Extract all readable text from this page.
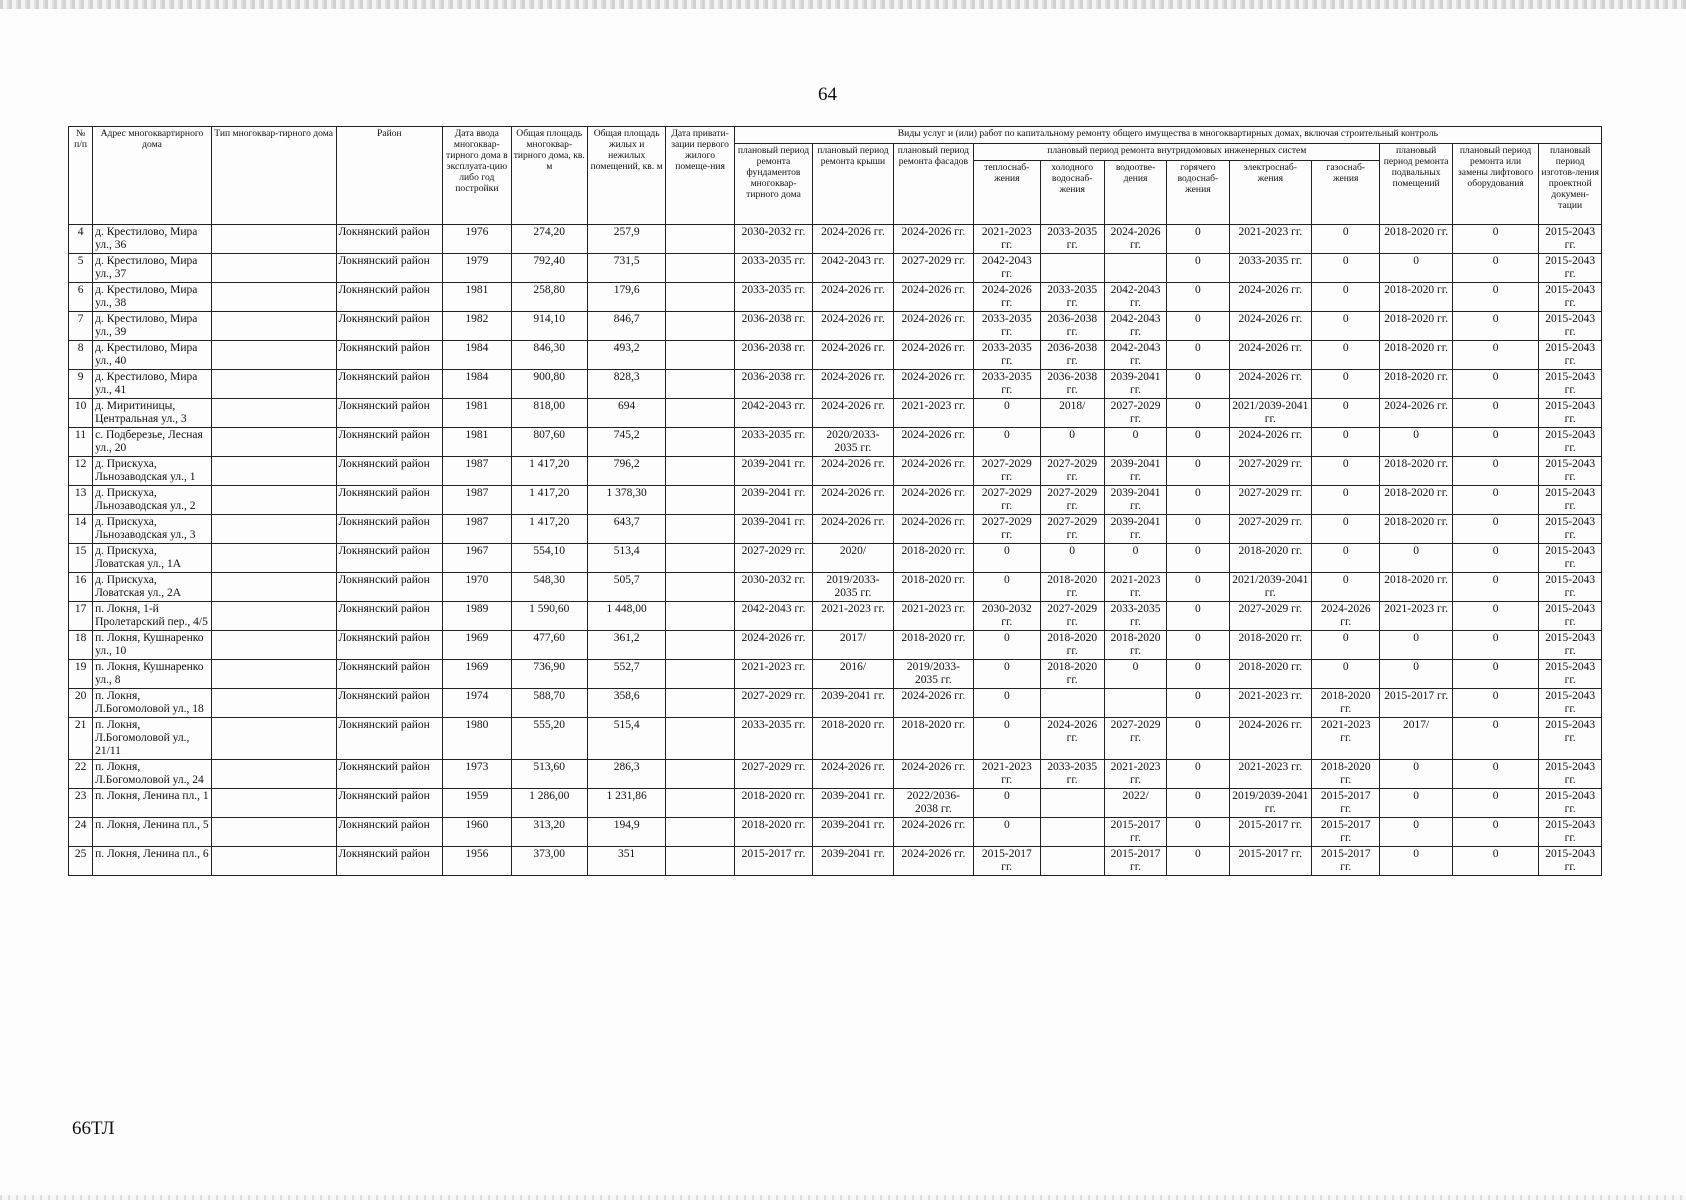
64
№ п/п	Адрес многоквартирного дома	Тип многоквар-тирного дома	Район	Дата ввода многоквар-тирного дома в эксплуата-цию либо год постройки	Общая площадь многоквар-тирного дома, кв. м	Общая площадь жилых и нежилых помещений, кв. м	Дата привати-зации первого жилого помеще-ния	Виды услуг и (или) работ по капитальному ремонту общего имущества в многоквартирных домах, включая строительный контроль											
								плановый период ремонта фундаментов многоквар-тирного дома	плановый период ремонта крыши	плановый период ремонта фасадов	плановый период ремонта внутридомовых инженерных систем						плановый период ремонта подвальных помещений	плановый период ремонта или замены лифтового оборудования	плановый период изготов-ления проектной докумен-тации
											теплоснаб-жения	холодного водоснаб-жения	водоотве-дения	горячего водоснаб-жения	электроснаб-жения	газоснаб-жения			
4	д. Крестилово, Мира ул., 36		Локнянский район	1976	274,20	257,9		2030-2032 гг.	2024-2026 гг.	2024-2026 гг.	2021-2023 гг.	2033-2035 гг.	2024-2026 гг.	0	2021-2023 гг.	0	2018-2020 гг.	0	2015-2043 гг.
5	д. Крестилово, Мира ул., 37		Локнянский район	1979	792,40	731,5		2033-2035 гг.	2042-2043 гг.	2027-2029 гг.	2042-2043 гг.			0	2033-2035 гг.	0	0	0	2015-2043 гг.
6	д. Крестилово, Мира ул., 38		Локнянский район	1981	258,80	179,6		2033-2035 гг.	2024-2026 гг.	2024-2026 гг.	2024-2026 гг.	2033-2035 гг.	2042-2043 гг.	0	2024-2026 гг.	0	2018-2020 гг.	0	2015-2043 гг.
7	д. Крестилово, Мира ул., 39		Локнянский район	1982	914,10	846,7		2036-2038 гг.	2024-2026 гг.	2024-2026 гг.	2033-2035 гг.	2036-2038 гг.	2042-2043 гг.	0	2024-2026 гг.	0	2018-2020 гг.	0	2015-2043 гг.
8	д. Крестилово, Мира ул., 40		Локнянский район	1984	846,30	493,2		2036-2038 гг.	2024-2026 гг.	2024-2026 гг.	2033-2035 гг.	2036-2038 гг.	2042-2043 гг.	0	2024-2026 гг.	0	2018-2020 гг.	0	2015-2043 гг.
9	д. Крестилово, Мира ул., 41		Локнянский район	1984	900,80	828,3		2036-2038 гг.	2024-2026 гг.	2024-2026 гг.	2033-2035 гг.	2036-2038 гг.	2039-2041 гг.	0	2024-2026 гг.	0	2018-2020 гг.	0	2015-2043 гг.
10	д. Миритиницы, Центральная ул., 3		Локнянский район	1981	818,00	694		2042-2043 гг.	2024-2026 гг.	2021-2023 гг.	0	2018/	2027-2029 гг.	0	2021/2039-2041 гг.	0	2024-2026 гг.	0	2015-2043 гг.
11	с. Подберезье, Лесная ул., 20		Локнянский район	1981	807,60	745,2		2033-2035 гг.	2020/2033-2035 гг.	2024-2026 гг.	0	0	0	0	2024-2026 гг.	0	0	0	2015-2043 гг.
12	д. Прискуха, Льнозаводская ул., 1		Локнянский район	1987	1 417,20	796,2		2039-2041 гг.	2024-2026 гг.	2024-2026 гг.	2027-2029 гг.	2027-2029 гг.	2039-2041 гг.	0	2027-2029 гг.	0	2018-2020 гг.	0	2015-2043 гг.
13	д. Прискуха, Льнозаводская ул., 2		Локнянский район	1987	1 417,20	1 378,30		2039-2041 гг.	2024-2026 гг.	2024-2026 гг.	2027-2029 гг.	2027-2029 гг.	2039-2041 гг.	0	2027-2029 гг.	0	2018-2020 гг.	0	2015-2043 гг.
14	д. Прискуха, Льнозаводская ул., 3		Локнянский район	1987	1 417,20	643,7		2039-2041 гг.	2024-2026 гг.	2024-2026 гг.	2027-2029 гг.	2027-2029 гг.	2039-2041 гг.	0	2027-2029 гг.	0	2018-2020 гг.	0	2015-2043 гг.
15	д. Прискуха, Ловатская ул., 1А		Локнянский район	1967	554,10	513,4		2027-2029 гг.	2020/	2018-2020 гг.	0	0	0	0	2018-2020 гг.	0	0	0	2015-2043 гг.
16	д. Прискуха, Ловатская ул., 2А		Локнянский район	1970	548,30	505,7		2030-2032 гг.	2019/2033-2035 гг.	2018-2020 гг.	0	2018-2020 гг.	2021-2023 гг.	0	2021/2039-2041 гг.	0	2018-2020 гг.	0	2015-2043 гг.
17	п. Локня, 1-й Пролетарский пер., 4/5		Локнянский район	1989	1 590,60	1 448,00		2042-2043 гг.	2021-2023 гг.	2021-2023 гг.	2030-2032 гг.	2027-2029 гг.	2033-2035 гг.	0	2027-2029 гг.	2024-2026 гг.	2021-2023 гг.	0	2015-2043 гг.
18	п. Локня, Кушнаренко ул., 10		Локнянский район	1969	477,60	361,2		2024-2026 гг.	2017/	2018-2020 гг.	0	2018-2020 гг.	2018-2020 гг.	0	2018-2020 гг.	0	0	0	2015-2043 гг.
19	п. Локня, Кушнаренко ул., 8		Локнянский район	1969	736,90	552,7		2021-2023 гг.	2016/	2019/2033-2035 гг.	0	2018-2020 гг.	0	0	2018-2020 гг.	0	0	0	2015-2043 гг.
20	п. Локня, Л.Богомоловой ул., 18		Локнянский район	1974	588,70	358,6		2027-2029 гг.	2039-2041 гг.	2024-2026 гг.	0			0	2021-2023 гг.	2018-2020 гг.	2015-2017 гг.	0	2015-2043 гг.
21	п. Локня, Л.Богомоловой ул., 21/11		Локнянский район	1980	555,20	515,4		2033-2035 гг.	2018-2020 гг.	2018-2020 гг.	0	2024-2026 гг.	2027-2029 гг.	0	2024-2026 гг.	2021-2023 гг.	2017/	0	2015-2043 гг.
22	п. Локня, Л.Богомоловой ул., 24		Локнянский район	1973	513,60	286,3		2027-2029 гг.	2024-2026 гг.	2024-2026 гг.	2021-2023 гг.	2033-2035 гг.	2021-2023 гг.	0	2021-2023 гг.	2018-2020 гг.	0	0	2015-2043 гг.
23	п. Локня, Ленина пл., 1		Локнянский район	1959	1 286,00	1 231,86		2018-2020 гг.	2039-2041 гг.	2022/2036-2038 гг.	0		2022/	0	2019/2039-2041 гг.	2015-2017 гг.	0	0	2015-2043 гг.
24	п. Локня, Ленина пл., 5		Локнянский район	1960	313,20	194,9		2018-2020 гг.	2039-2041 гг.	2024-2026 гг.	0		2015-2017 гг.	0	2015-2017 гг.	2015-2017 гг.	0	0	2015-2043 гг.
25	п. Локня, Ленина пл., 6		Локнянский район	1956	373,00	351		2015-2017 гг.	2039-2041 гг.	2024-2026 гг.	2015-2017 гг.		2015-2017 гг.	0	2015-2017 гг.	2015-2017 гг.	0	0	2015-2043 гг.
66ТЛ
